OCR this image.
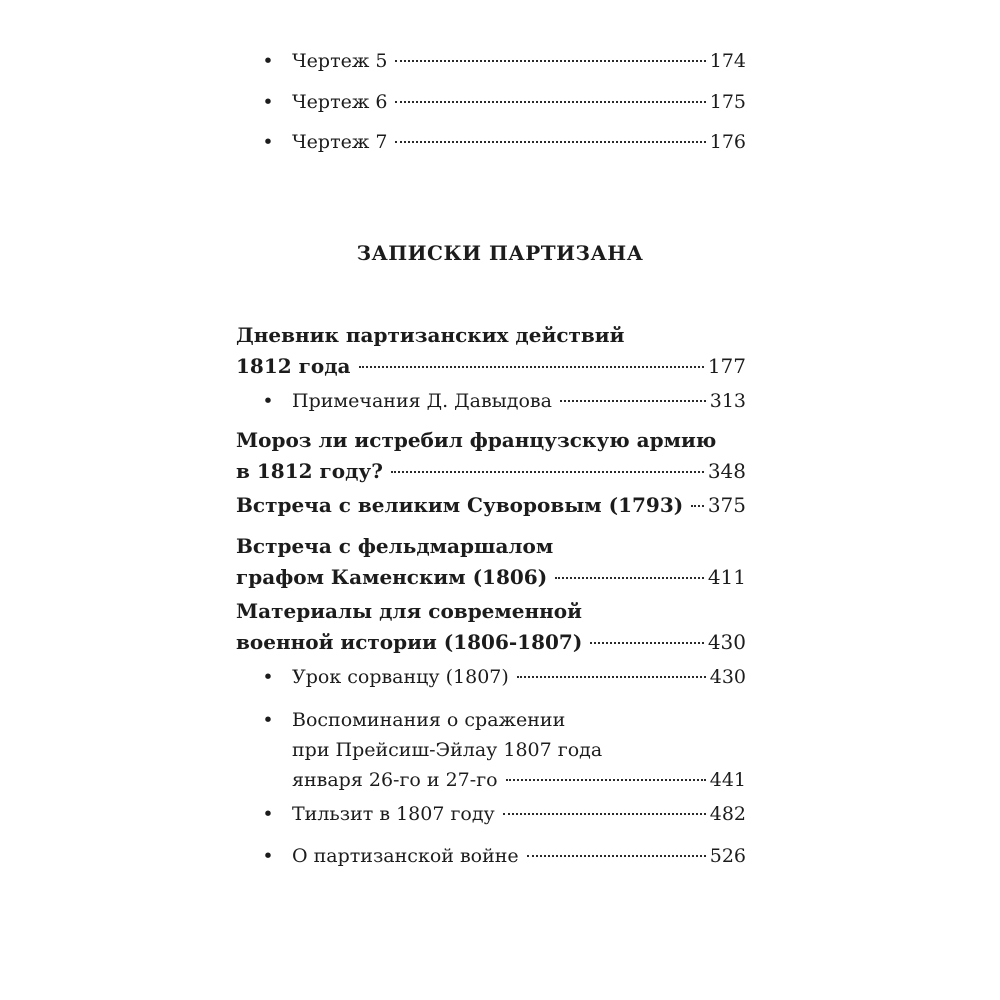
• Чертеж 5	174
• Чертеж 6	175
• Чертеж 7	176
ЗАПИСКИ ПАРТИЗАНА
Дневник партизанских действий
1812 года	177
• Примечания Д. Давыдова	313
Мороз ли истребил французскую армию
в 1812 году?	348
Встреча с великим Суворовым (1793) 375
Встреча с фельдмаршалом
графом Каменским (1806)	411
Материалы для современной
военной истории (1806-1807)	430
• Урок сорванцу (1807)	430
• Воспоминания о сражении
при Прейсиш-Эйлау 1807 года
января 26-го и 27-го	441
• Тильзит в 1807 году	482
• О партизанской войне	526
